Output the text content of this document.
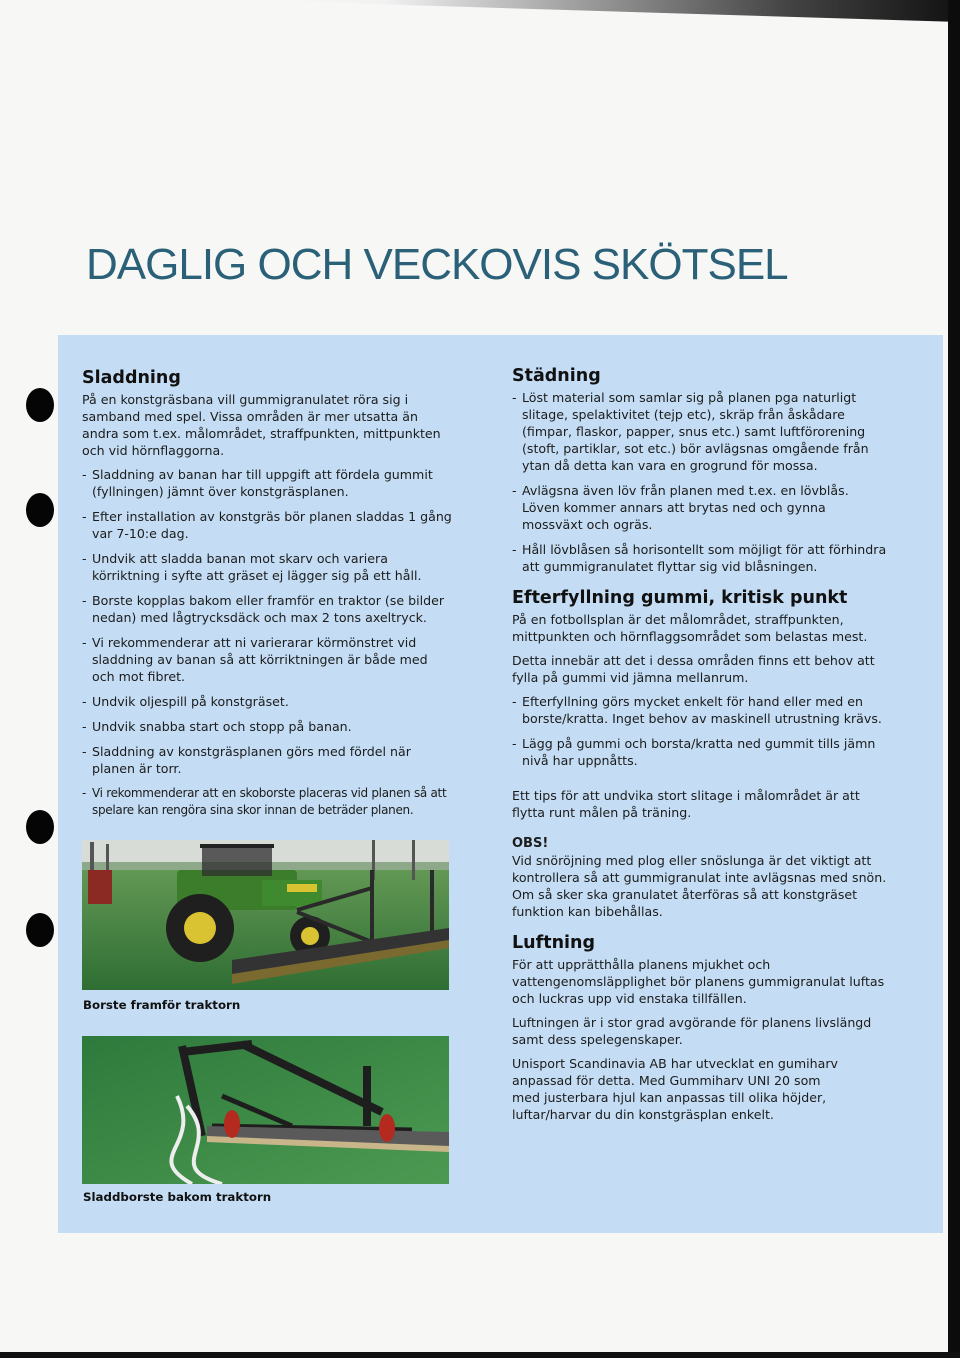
DAGLIG OCH VECKOVIS SKÖTSEL
Sladdning
På en konstgräsbana vill gummigranulatet röra sig i samband med spel. Vissa områden är mer utsatta än andra som t.ex. målområdet, straffpunkten, mittpunkten och vid hörnflaggorna.
- Sladdning av banan har till uppgift att fördela gummit (fyllningen) jämnt över konstgräsplanen.
- Efter installation av konstgräs bör planen sladdas 1 gång var 7-10:e dag.
- Undvik att sladda banan mot skarv och variera körriktning i syfte att gräset ej lägger sig på ett håll.
- Borste kopplas bakom eller framför en traktor (se bilder nedan) med lågtrycksdäck och max 2 tons axeltryck.
- Vi rekommenderar att ni varierarar körmönstret vid sladdning av banan så att körriktningen är både med och mot fibret.
- Undvik oljespill på konstgräset.
- Undvik snabba start och stopp på banan.
- Sladdning av konstgräsplanen görs med fördel när planen är torr.
- Vi rekommenderar att en skoborste placeras vid planen så att spelare kan rengöra sina skor innan de beträder planen.
Borste framför traktorn
Sladdborste bakom traktorn
Städning
- Löst material som samlar sig på planen pga naturligt slitage, spelaktivitet (tejp etc), skräp från åskådare (fimpar, flaskor, papper, snus etc.) samt luftförorening (stoft, partiklar, sot etc.) bör avlägsnas omgående från ytan då detta kan vara en grogrund för mossa.
- Avlägsna även löv från planen med t.ex. en lövblås. Löven kommer annars att brytas ned och gynna mossväxt och ogräs.
- Håll lövblåsen så horisontellt som möjligt för att förhindra att gummigranulatet flyttar sig vid blåsningen.
Efterfyllning gummi, kritisk punkt
På en fotbollsplan är det målområdet, straffpunkten, mittpunkten och hörnflaggsområdet som belastas mest.
Detta innebär att det i dessa områden finns ett behov att fylla på gummi vid jämna mellanrum.
- Efterfyllning görs mycket enkelt för hand eller med en borste/kratta. Inget behov av maskinell utrustning krävs.
- Lägg på gummi och borsta/kratta ned gummit tills jämn nivå har uppnåtts.
Ett tips för att undvika stort slitage i målområdet är att flytta runt målen på träning.
OBS!
Vid snöröjning med plog eller snöslunga är det viktigt att kontrollera så att gummigranulat inte avlägsnas med snön. Om så sker ska granulatet återföras så att konstgräset funktion kan bibehållas.
Luftning
För att upprätthålla planens mjukhet och vattengenomsläpplighet bör planens gummigranulat luftas och luckras upp vid enstaka tillfällen.
Luftningen är i stor grad avgörande för planens livslängd samt dess spelegenskaper.
Unisport Scandinavia AB har utvecklat en gumiharv anpassad för detta. Med Gummiharv UNI 20 som med justerbara hjul kan anpassas till olika höjder, luftar/harvar du din konstgräsplan enkelt.
